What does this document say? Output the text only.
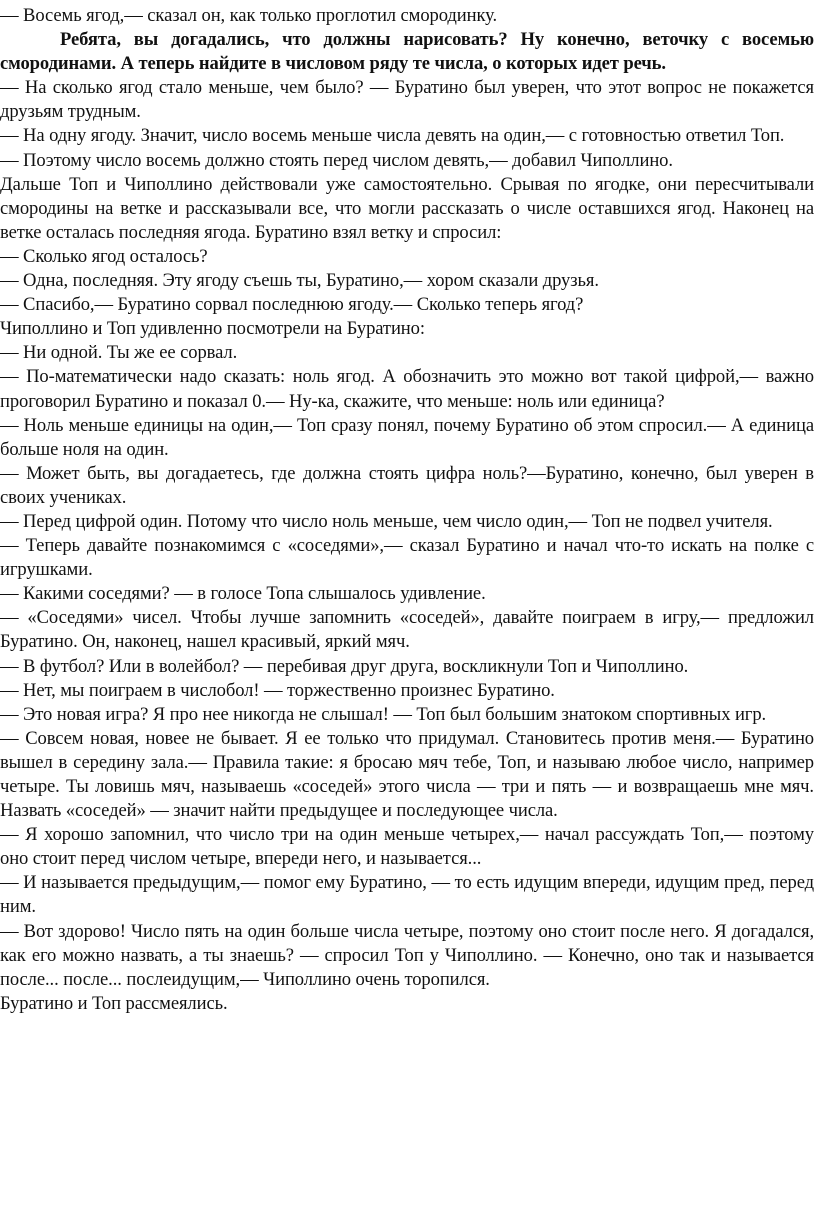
— Восемь ягод,— сказал он, как только проглотил смородинку.

Ребята, вы догадались, что должны нарисовать? Ну конечно, веточку с восемью смородинами. А теперь найдите в числовом ряду те числа, о которых идет речь.

— На сколько ягод стало меньше, чем было? — Буратино был уверен, что этот вопрос не покажется друзьям трудным.

— На одну ягоду. Значит, число восемь меньше числа девять на один,— с готовностью ответил Топ.

— Поэтому число восемь должно стоять перед числом девять,— добавил Чиполлино.

Дальше Топ и Чиполлино действовали уже самостоятельно. Срывая по ягодке, они пересчитывали смородины на ветке и рассказывали все, что могли рассказать о числе оставшихся ягод. Наконец на ветке осталась последняя ягода. Буратино взял ветку и спросил:

— Сколько ягод осталось?

— Одна, последняя. Эту ягоду съешь ты, Буратино,— хором сказали друзья.

— Спасибо,— Буратино сорвал последнюю ягоду.— Сколько теперь ягод?

Чиполлино и Топ удивленно посмотрели на Буратино:

— Ни одной. Ты же ее сорвал.

— По-математически надо сказать: ноль ягод. А обозначить это можно вот такой цифрой,— важно проговорил Буратино и показал 0.— Ну-ка, скажите, что меньше: ноль или единица?

— Ноль меньше единицы на один,— Топ сразу понял, почему Буратино об этом спросил.— А единица больше ноля на один.

— Может быть, вы догадаетесь, где должна стоять цифра ноль?—Буратино, конечно, был уверен в своих учениках.

— Перед цифрой один. Потому что число ноль меньше, чем число один,— Топ не подвел учителя.

— Теперь давайте познакомимся с «соседями»,— сказал Буратино и начал что-то искать на полке с игрушками.

— Какими соседями? — в голосе Топа слышалось удивление.

— «Соседями» чисел. Чтобы лучше запомнить «соседей», давайте поиграем в игру,— предложил Буратино. Он, наконец, нашел красивый, яркий мяч.

— В футбол? Или в волейбол? — перебивая друг друга, воскликнули Топ и Чиполлино.

— Нет, мы поиграем в числобол! — торжественно произнес Буратино.

— Это новая игра? Я про нее никогда не слышал! — Топ был большим знатоком спортивных игр.

— Совсем новая, новее не бывает. Я ее только что придумал. Становитесь против меня.— Буратино вышел в середину зала.— Правила такие: я бросаю мяч тебе, Топ, и называю любое число, например четыре. Ты ловишь мяч, называешь «соседей» этого числа — три и пять — и возвращаешь мне мяч. Назвать «соседей» — значит найти предыдущее и последующее числа.

— Я хорошо запомнил, что число три на один меньше четырех,— начал рассуждать Топ,— поэтому оно стоит перед числом четыре, впереди него, и называется...

— И называется предыдущим,— помог ему Буратино, — то есть идущим впереди, идущим пред, перед ним.

— Вот здорово! Число пять на один больше числа четыре, поэтому оно стоит после него. Я догадался, как его можно назвать, а ты знаешь? — спросил Топ у Чиполлино. — Конечно, оно так и называется после... после... послеидущим,— Чиполлино очень торопился.

Буратино и Топ рассмеялись.
